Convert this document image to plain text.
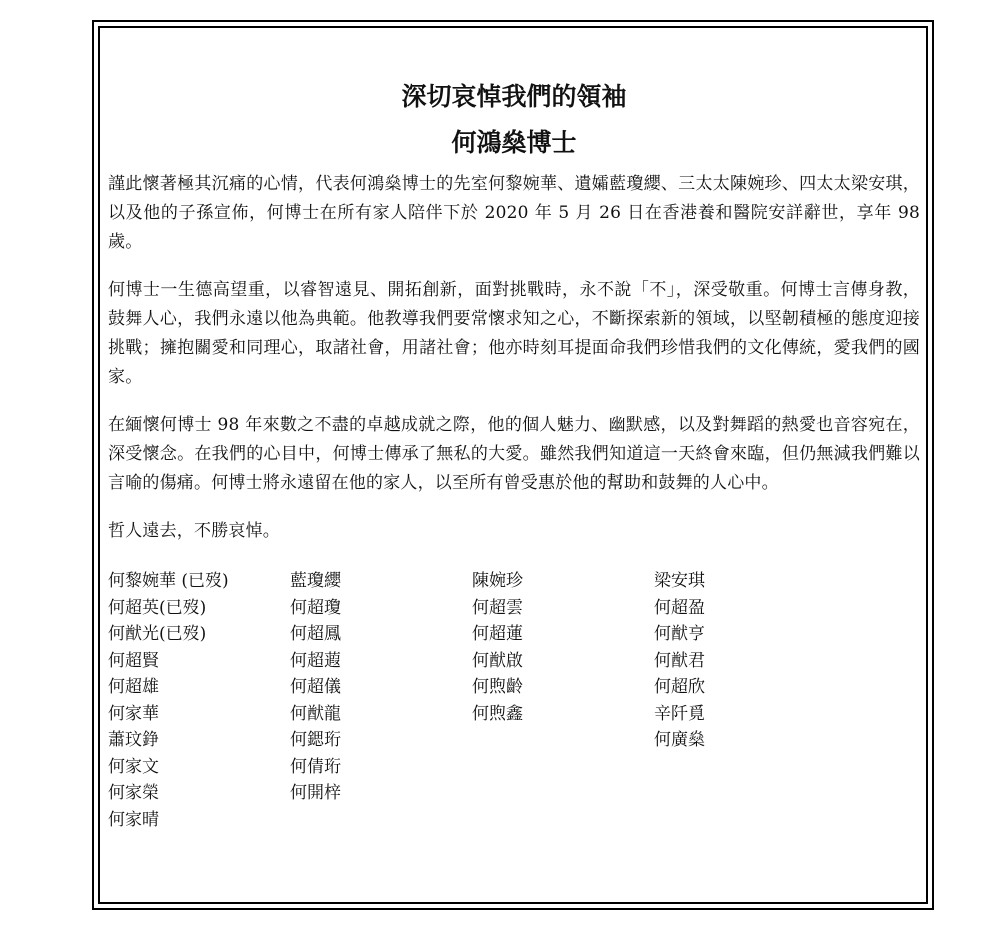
深切哀悼我們的領袖
何鴻燊博士

謹此懷著極其沉痛的心情，代表何鴻燊博士的先室何黎婉華、遺孀藍瓊纓、三太太陳婉珍、四太太梁安琪，以及他的子孫宣佈，何博士在所有家人陪伴下於 2020 年 5 月 26 日在香港養和醫院安詳辭世，享年 98 歲。

何博士一生德高望重，以睿智遠見、開拓創新，面對挑戰時，永不說「不」，深受敬重。何博士言傳身教，鼓舞人心，我們永遠以他為典範。他教導我們要常懷求知之心，不斷探索新的領域，以堅韌積極的態度迎接挑戰；擁抱關愛和同理心，取諸社會，用諸社會；他亦時刻耳提面命我們珍惜我們的文化傳統，愛我們的國家。

在緬懷何博士 98 年來數之不盡的卓越成就之際，他的個人魅力、幽默感，以及對舞蹈的熱愛也音容宛在，深受懷念。在我們的心目中，何博士傳承了無私的大愛。雖然我們知道這一天終會來臨，但仍無減我們難以言喻的傷痛。何博士將永遠留在他的家人，以至所有曾受惠於他的幫助和鼓舞的人心中。

哲人遠去，不勝哀悼。

何黎婉華 (已歿)
何超英(已歿)
何猷光(已歿)
何超賢
何超雄
何家華
蕭玟錚
何家文
何家榮
何家晴
藍瓊纓
何超瓊
何超鳳
何超蕸
何超儀
何猷龍
何鍶珩
何倩珩
何開梓
陳婉珍
何超雲
何超蓮
何猷啟
何煦齡
何煦鑫
梁安琪
何超盈
何猷亨
何猷君
何超欣
辛阡覓
何廣燊
